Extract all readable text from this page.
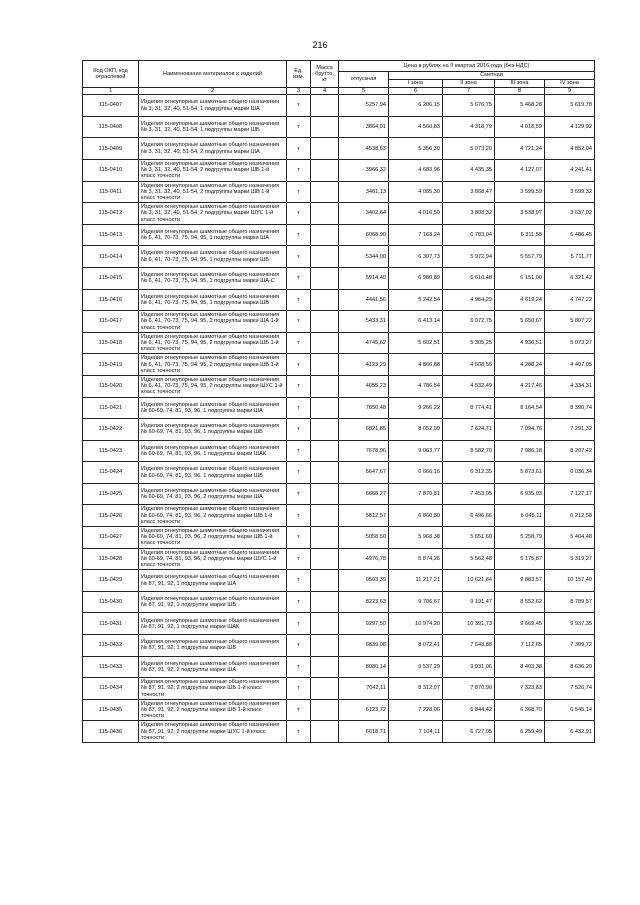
216
Код ОКП, код отраслевой	Наименование материалов и изделий	Ед. изм.	Масса брутто, кг	Цена в рублях на II квартал 2016 года (без НДС)				
				отпускная	Сметная			
					I зона	II зона	III зона	IV зона
1	2	3	4	5	6	7	8	9
115-0407	Изделия огнеупорные шамотные общего назначения № 3, 31, 32, 40, 51-54, 1 подгруппы марки ША	т		5257,94	6 206,15	5 676,75	5 468,28	5 619,78
115-0408	Изделия огнеупорные шамотные общего назначения № 3, 31, 32, 40, 51-54, 1 подгруппы марки ШБ	т		3864,01	4 560,83	4 318,79	4 018,59	4 129,92
115-0409	Изделия огнеупорные шамотные общего назначения № 3, 31, 32, 40, 51-54, 2 подгруппы марки ША	т		4538,63	5 356,30	5 073,20	4 721,24	4 852,04
115-0410	Изделия огнеупорные шамотные общего назначения № 3, 31, 32, 40, 51-54, 2 подгруппы марки ШБ 1-й класс точности	т		3966,32	4 683,96	4 435,35	4 127,07	4 241,41
115-0411	Изделия огнеупорные шамотные общего назначения № 3, 31, 32, 40, 51-54, 2 подгруппы марки ШВ 1-й класс точности	т		3461,13	4 085,30	3 868,47	3 599,59	3 699,32
115-0412	Изделия огнеупорные шамотные общего назначения № 3, 31, 32, 40, 51-54, 2 подгруппы марки ШУС 1-й класс точности	т		3402,64	4 016,50	3 803,32	3 538,97	3 637,02
115-0413	Изделия огнеупорные шамотные общего назначения № 6, 41, 70-73, 75, 94, 95, 1 подгруппы марки ША	т		6068,90	7 163,24	6 783,04	6 311,58	6 486,45
115-0414	Изделия огнеупорные шамотные общего назначения № 6, 41, 70-73, 75, 94, 95, 1 подгруппы марки ШБ	т		5344,00	6 307,73	5 972,94	5 557,79	5 711,77
115-0415	Изделия огнеупорные шамотные общего назначения № 6, 41, 70-73, 75, 94, 95, 1 подгруппы марки ША-С	т		5914,40	6 980,89	6 610,48	6 151,00	6 321,42
115-0416	Изделия огнеупорные шамотные общего назначения № 6, 41, 70-73, 75, 94, 95, 1 подгруппы марки ШВ	т		4441,56	5 242,54	4 964,29	4 619,24	4 747,22
115-0417	Изделия огнеупорные шамотные общего назначения № 6, 41, 70-73, 75, 94, 95, 2 подгруппы марки ША 1-й класс точности	т		5433,31	6 413,14	6 072,75	5 650,67	5 807,22
115-0418	Изделия огнеупорные шамотные общего назначения № 6, 41, 70-73, 75, 94, 95, 2 подгруппы марки ШБ 1-й класс точности	т		4745,62	5 602,51	5 305,25	4 936,51	5 073,27
115-0419	Изделия огнеупорные шамотные общего назначения № 6, 41, 70-73, 75, 94, 95, 2 подгруппы марки ШВ 1-й класс точности	т		4123,29	4 866,88	4 608,56	4 288,24	4 407,05
115-0420	Изделия огнеупорные шамотные общего назначения № 6, 41, 70-73, 75, 94, 95, 2 подгруппы марки ШУС 1-й класс точности	т		4055,23	4 786,54	4 532,49	4 217,46	4 334,31
115-0421	Изделия огнеупорные шамотные общего назначения № 60-69, 74, 81, 93, 96, 1 подгруппы марки ША	т		7850,48	9 266,22	8 774,41	8 164,54	8 390,74
115-0422	Изделия огнеупорные шамотные общего назначения № 60-69, 74, 81, 93, 96, 1 подгруппы марки ШБ	т		6821,85	8 052,09	7 624,71	7 094,76	7 291,32
115-0423	Изделия огнеупорные шамотные общего назначения № 60-69, 74, 81, 93, 96, 1 подгруппы марки ШАК	т		7678,96	9 063,77	8 582,70	7 986,18	8 207,42
115-0424	Изделия огнеупорные шамотные общего назначения № 60-69, 74, 81, 93, 96, 1 подгруппы марки ШВ	т		5647,67	6 666,16	6 312,35	5 873,61	6 036,34
115-0425	Изделия огнеупорные шамотные общего назначения № 60-69, 74, 81, 93, 96, 2 подгруппы марки ША	т		6668,27	7 870,81	7 453,05	6 935,03	7 127,17
115-0426	Изделия огнеупорные шамотные общего назначения № 60-69, 74, 81, 93, 96, 2 подгруппы марки ШБ 1-й класс точности	т		5812,57	6 860,80	6 496,66	6 045,11	6 212,58
115-0427	Изделия огнеупорные шамотные общего назначения № 60-69, 74, 81, 93, 96, 2 подгруппы марки ШВ 1-й класс точности	т		5058,50	5 968,38	5 651,60	5 258,79	5 404,48
115-0428	Изделия огнеупорные шамотные общего назначения № 60-69, 74, 81, 93, 96, 2 подгруппы марки ШУС 1-й класс точности	т		4976,78	5 874,26	5 562,48	5 175,87	5 319,27
115-0429	Изделия огнеупорные шамотные общего назначения № 87, 91, 92, 1 подгруппы марки ША	т		9503,39	11 217,21	10 621,84	9 883,57	10 157,40
115-0430	Изделия огнеупорные шамотные общего назначения № 87, 91, 92, 1 подгруппы марки ШБ	т		8223,63	9 706,67	9 191,47	8 552,62	8 789,57
115-0431	Изделия огнеупорные шамотные общего назначения № 87, 91, 92, 1 подгруппы марки ШАК	т		9297,50	10 974,20	10 391,73	9 669,45	9 937,35
115-0432	Изделия огнеупорные шамотные общего назначения № 87, 91, 92, 1 подгруппы марки ШВ	т		6839,08	8 072,41	7 643,88	7 112,65	7 309,72
115-0433	Изделия огнеупорные шамотные общего назначения № 87, 91, 92, 2 подгруппы марки ША	т		8080,14	9 537,29	9 031,06	8 403,38	8 636,20
115-0434	Изделия огнеупорные шамотные общего назначения № 87, 91, 92, 2 подгруппы марки ШБ 1-й класс точности	т		7042,11	8 312,07	7 870,90	7 323,83	7 526,74
115-0435	Изделия огнеупорные шамотные общего назначения № 87, 91, 92, 2 подгруппы марки ШВ 1-й класс точности	т		6123,72	7 228,06	6 844,42	6 368,70	6 545,14
115-0436	Изделия огнеупорные шамотные общего назначения № 87, 91, 92, 2 подгруппы марки ШУС 1-й класс точности	т		6018,71	7 104,11	6 727,05	6 259,49	6 432,91
